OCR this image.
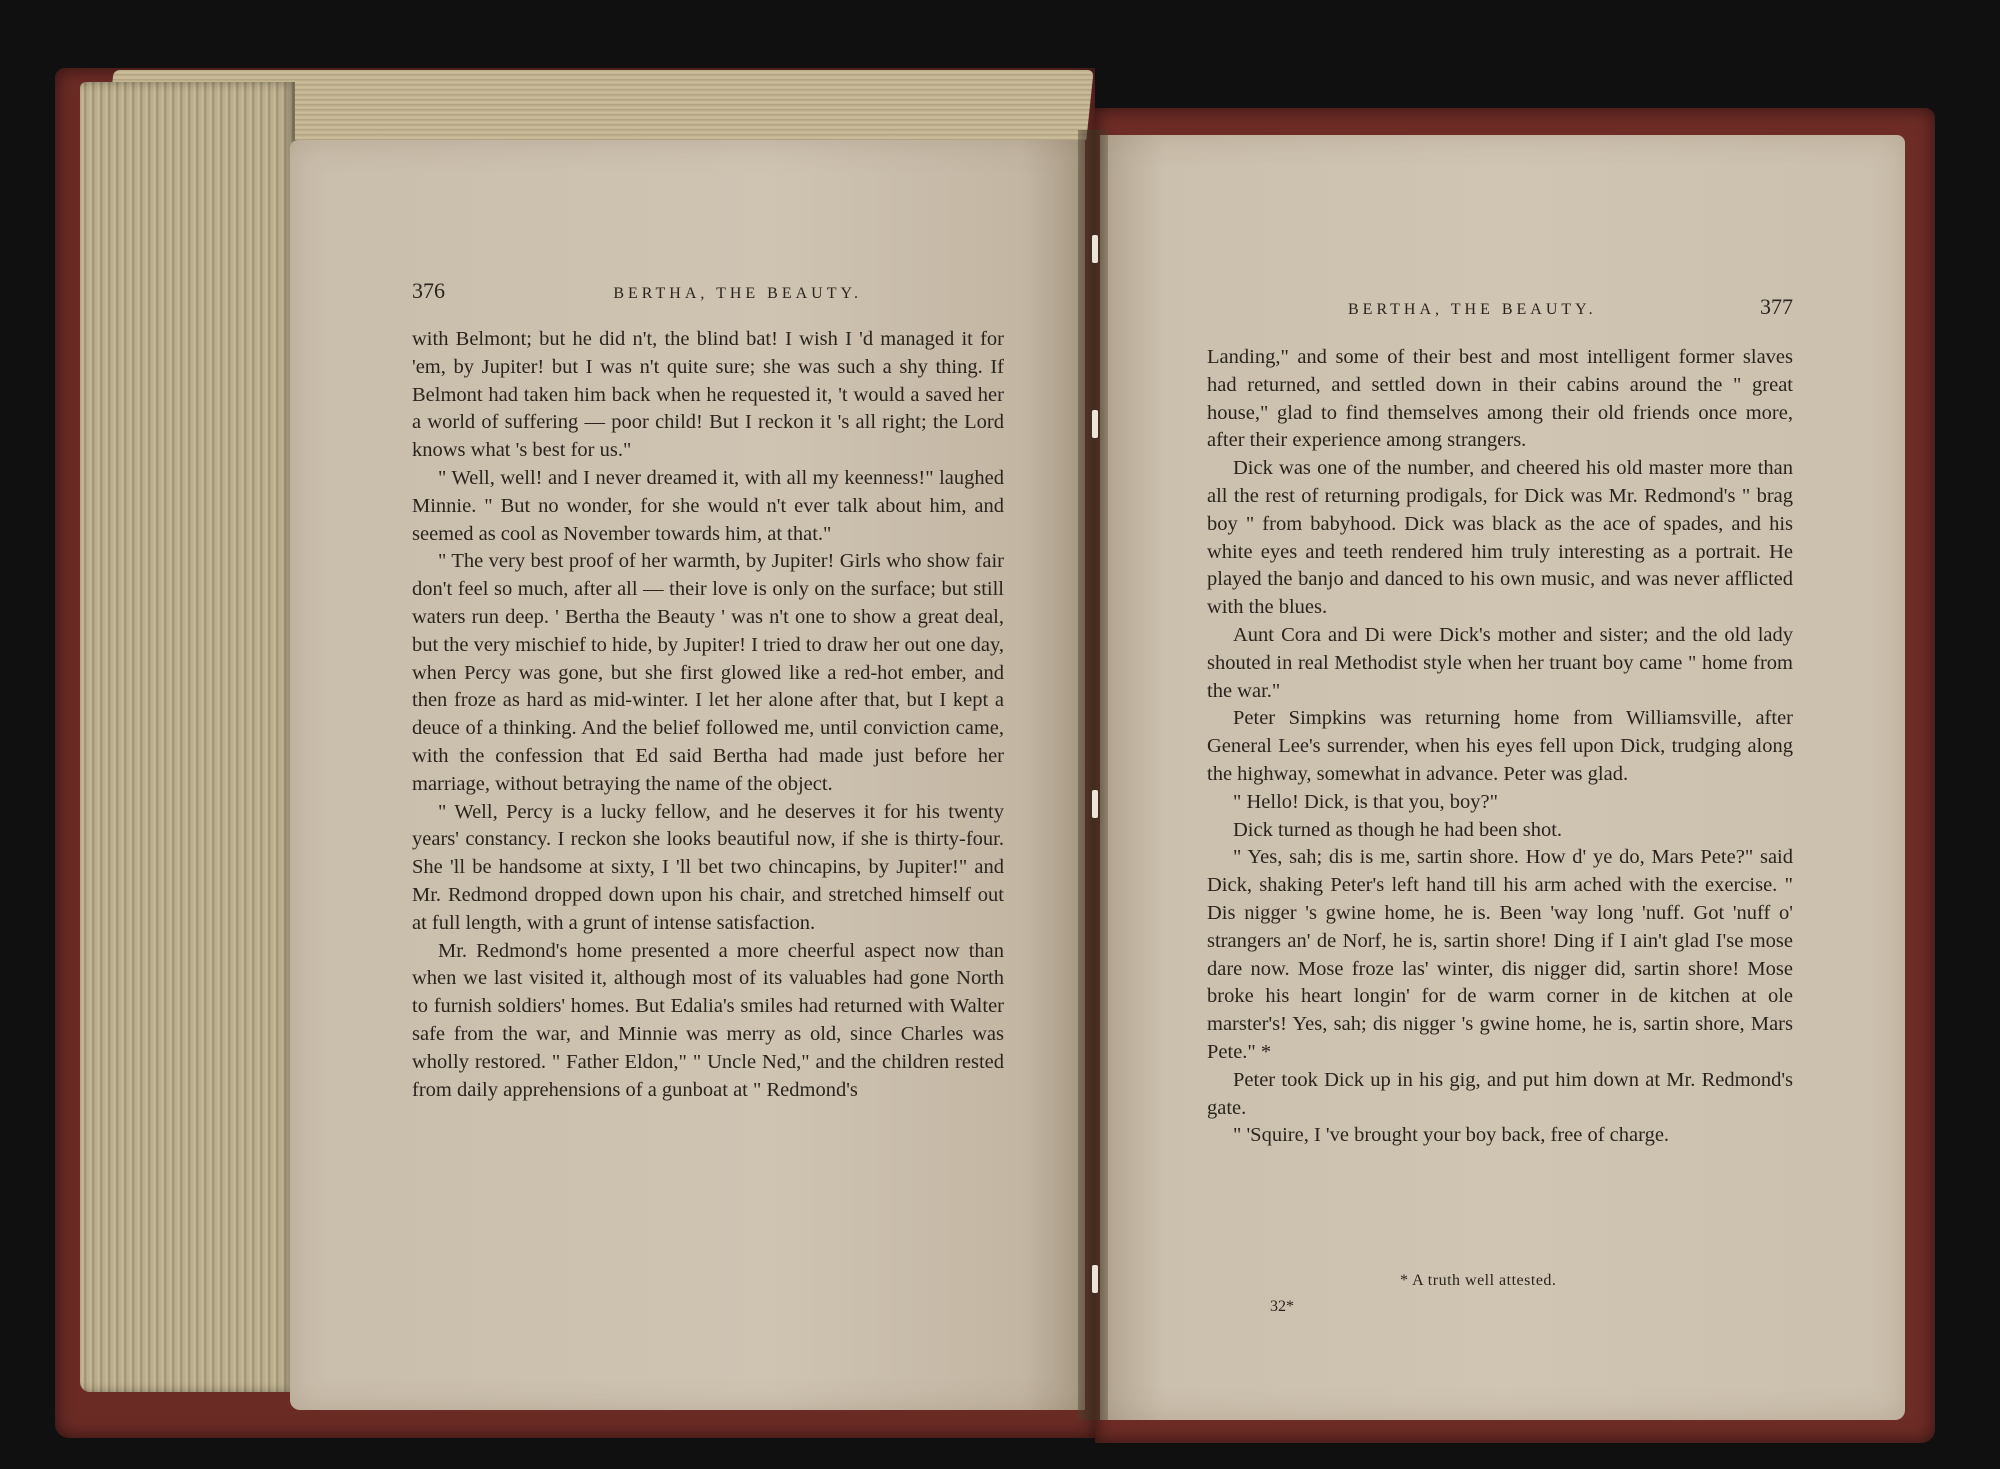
376	BERTHA, THE BEAUTY.

with Belmont; but he did n't, the blind bat! I wish I 'd managed it for 'em, by Jupiter! but I was n't quite sure; she was such a shy thing. If Belmont had taken him back when he requested it, 't would a saved her a world of suffering — poor child! But I reckon it 's all right; the Lord knows what 's best for us."

" Well, well! and I never dreamed it, with all my keenness!" laughed Minnie. " But no wonder, for she would n't ever talk about him, and seemed as cool as November towards him, at that."

" The very best proof of her warmth, by Jupiter! Girls who show fair don't feel so much, after all — their love is only on the surface; but still waters run deep. ' Bertha the Beauty ' was n't one to show a great deal, but the very mischief to hide, by Jupiter! I tried to draw her out one day, when Percy was gone, but she first glowed like a red-hot ember, and then froze as hard as mid-winter. I let her alone after that, but I kept a deuce of a thinking. And the belief followed me, until conviction came, with the confession that Ed said Bertha had made just before her marriage, without betraying the name of the object.

" Well, Percy is a lucky fellow, and he deserves it for his twenty years' constancy. I reckon she looks beautiful now, if she is thirty-four. She 'll be handsome at sixty, I 'll bet two chincapins, by Jupiter!" and Mr. Redmond dropped down upon his chair, and stretched himself out at full length, with a grunt of intense satisfaction.

Mr. Redmond's home presented a more cheerful aspect now than when we last visited it, although most of its valuables had gone North to furnish soldiers' homes. But Edalia's smiles had returned with Walter safe from the war, and Minnie was merry as old, since Charles was wholly restored. " Father Eldon," " Uncle Ned," and the children rested from daily apprehensions of a gunboat at " Redmond's

BERTHA, THE BEAUTY.	377

Landing," and some of their best and most intelligent former slaves had returned, and settled down in their cabins around the " great house," glad to find themselves among their old friends once more, after their experience among strangers.

Dick was one of the number, and cheered his old master more than all the rest of returning prodigals, for Dick was Mr. Redmond's " brag boy " from babyhood. Dick was black as the ace of spades, and his white eyes and teeth rendered him truly interesting as a portrait. He played the banjo and danced to his own music, and was never afflicted with the blues.

Aunt Cora and Di were Dick's mother and sister; and the old lady shouted in real Methodist style when her truant boy came " home from the war."

Peter Simpkins was returning home from Williamsville, after General Lee's surrender, when his eyes fell upon Dick, trudging along the highway, somewhat in advance. Peter was glad.

" Hello! Dick, is that you, boy?"

Dick turned as though he had been shot.

" Yes, sah; dis is me, sartin shore. How d' ye do, Mars Pete?" said Dick, shaking Peter's left hand till his arm ached with the exercise. " Dis nigger 's gwine home, he is. Been 'way long 'nuff. Got 'nuff o' strangers an' de Norf, he is, sartin shore! Ding if I ain't glad I'se mose dare now. Mose froze las' winter, dis nigger did, sartin shore! Mose broke his heart longin' for de warm corner in de kitchen at ole marster's! Yes, sah; dis nigger 's gwine home, he is, sartin shore, Mars Pete." *

Peter took Dick up in his gig, and put him down at Mr. Redmond's gate.

" 'Squire, I 've brought your boy back, free of charge.

* A truth well attested.
32*
